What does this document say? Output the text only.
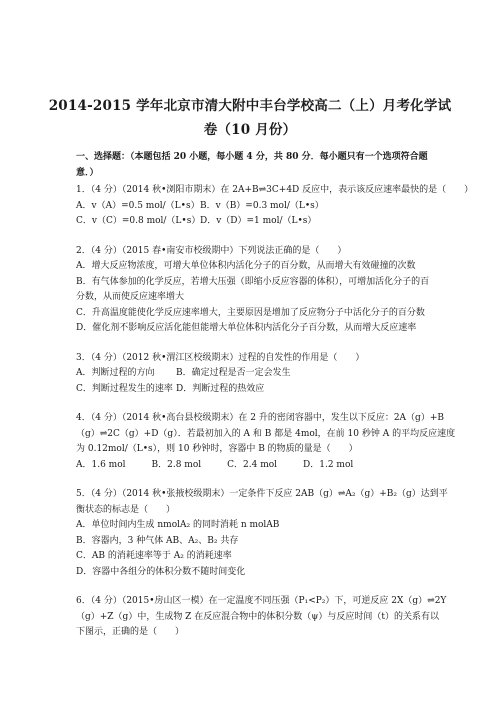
2014-2015 学年北京市清大附中丰台学校高二（上）月考化学试
卷（10 月份）
一、选择题：（本题包括 20 小题，每小题 4 分，共 80 分．每小题只有一个选项符合题意．）
1．（4 分）（2014 秋•浏阳市期末）在 2A+B⇌3C+4D 反应中，表示该反应速率最快的是（　　）
A．v（A）=0.5 mol/（L•s） B．v（B）=0.3 mol/（L•s）
C．v（C）=0.8 mol/（L•s） D．v（D）=1 mol/（L•s）
2．（4 分）（2015 春•南安市校级期中）下列说法正确的是（　　）
A．增大反应物浓度，可增大单位体积内活化分子的百分数，从而增大有效碰撞的次数
B．有气体参加的化学反应，若增大压强（即缩小反应容器的体积），可增加活化分子的百
分数，从而使反应速率增大
C．升高温度能使化学反应速率增大，主要原因是增加了反应物分子中活化分子的百分数
D．催化剂不影响反应活化能但能增大单位体积内活化分子百分数，从而增大反应速率
3．（4 分）（2012 秋•渭江区校级期末）过程的自发性的作用是（　　）
A．判断过程的方向	B．确定过程是否一定会发生
C．判断过程发生的速率 D．判断过程的热效应
4．（4 分）（2014 秋•高台县校级期末）在 2 升的密闭容器中，发生以下反应：2A（g）+B
（g）⇌2C（g）+D（g）．若最初加入的 A 和 B 都是 4mol，在前 10 秒钟 A 的平均反应速度
为 0.12mol/（L•s），则 10 秒钟时，容器中 B 的物质的量是（　　）
A．1.6 mol	B．2.8 mol	C．2.4 mol	D．1.2 mol
5．（4 分）（2014 秋•张掖校级期末）一定条件下反应 2AB（g）⇌A₂（g）+B₂（g）达到平
衡状态的标志是（　　）
A．单位时间内生成 nmolA₂ 的同时消耗 n molAB
B．容器内，3 种气体 AB、A₂、B₂ 共存
C．AB 的消耗速率等于 A₂ 的消耗速率
D．容器中各组分的体积分数不随时间变化
6．（4 分）（2015•房山区一模）在一定温度不同压强（P₁<P₂）下，可逆反应 2X（g）⇌2Y
（g）+Z（g）中，生成物 Z 在反应混合物中的体积分数（ψ）与反应时间（t）的关系有以
下图示，正确的是（　　）
